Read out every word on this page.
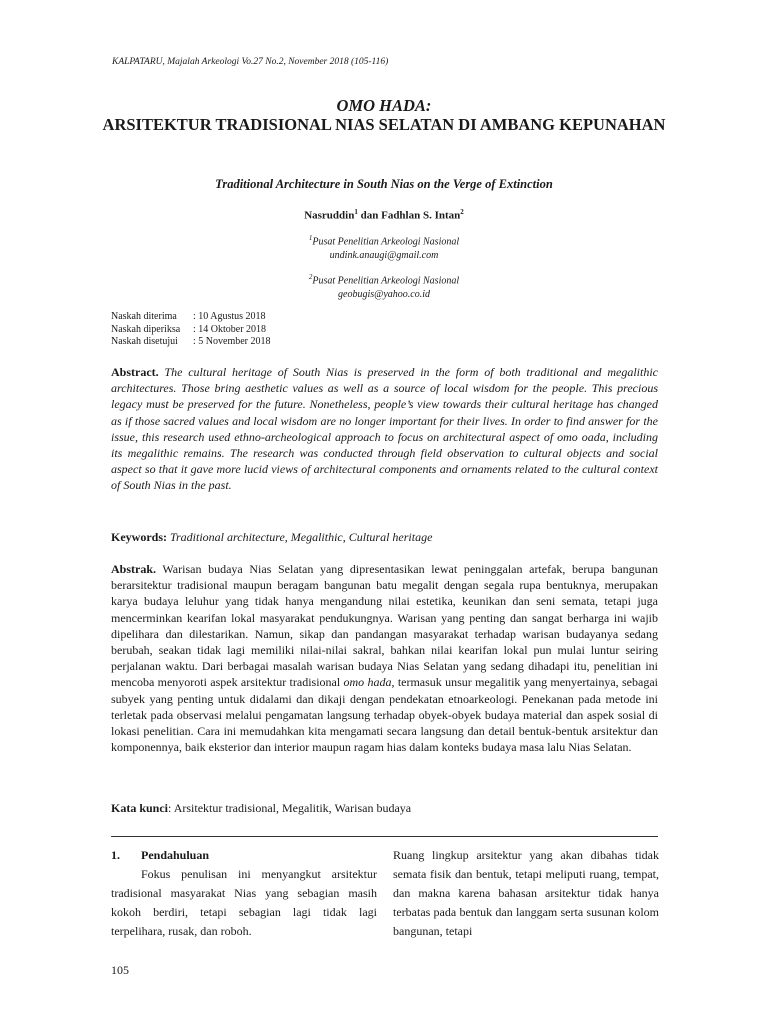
KALPATARU, Majalah Arkeologi Vo.27 No.2, November 2018 (105-116)

OMO HADA:

ARSITEKTUR TRADISIONAL NIAS SELATAN DI AMBANG KEPUNAHAN

Traditional Architecture in South Nias on the Verge of Extinction
Nasruddin$^1$ dan Fadhlan S. Intan$^2$
$^1$Pusat Penelitian Arkeologi Nasional
undink.anaugi@gmail.com
$^2$Pusat Penelitian Arkeologi Nasional
geobugis@yahoo.co.id
Naskah diterima	: 10 Agustus 2018
Naskah diperiksa	: 14 Oktober 2018
Naskah disetujui	: 5 November 2018

Abstract. The cultural heritage of South Nias is preserved in the form of both traditional and megalithic architectures. Those bring aesthetic values as well as a source of local wisdom for the people. This precious legacy must be preserved for the future. Nonetheless, people’s view towards their cultural heritage has changed as if those sacred values and local wisdom are no longer important for their lives. In order to find answer for the issue, this research used ethno-archeological approach to focus on architectural aspect of omo oada, including its megalithic remains. The research was conducted through field observation to cultural objects and social aspect so that it gave more lucid views of architectural components and ornaments related to the cultural context of South Nias in the past.

Keywords: Traditional architecture, Megalithic, Cultural heritage

Abstrak. Warisan budaya Nias Selatan yang dipresentasikan lewat peninggalan artefak, berupa bangunan berarsitektur tradisional maupun beragam bangunan batu megalit dengan segala rupa bentuknya, merupakan karya budaya leluhur yang tidak hanya mengandung nilai estetika, keunikan dan seni semata, tetapi juga mencerminkan kearifan lokal masyarakat pendukungnya. Warisan yang penting dan sangat berharga ini wajib dipelihara dan dilestarikan. Namun, sikap dan pandangan masyarakat terhadap warisan budayanya sedang berubah, seakan tidak lagi memiliki nilai-nilai sakral, bahkan nilai kearifan lokal pun mulai luntur seiring perjalanan waktu. Dari berbagai masalah warisan budaya Nias Selatan yang sedang dihadapi itu, penelitian ini mencoba menyoroti aspek arsitektur tradisional omo hada, termasuk unsur megalitik yang menyertainya, sebagai subyek yang penting untuk didalami dan dikaji dengan pendekatan etnoarkeologi. Penekanan pada metode ini terletak pada observasi melalui pengamatan langsung terhadap obyek-obyek budaya material dan aspek sosial di lokasi penelitian. Cara ini memudahkan kita mengamati secara langsung dan detail bentuk-bentuk arsitektur dan komponennya, baik eksterior dan interior maupun ragam hias dalam konteks budaya masa lalu Nias Selatan.

Kata kunci: Arsitektur tradisional, Megalitik, Warisan budaya

1. Pendahuluan

Fokus penulisan ini menyangkut arsitektur tradisional masyarakat Nias yang sebagian masih kokoh berdiri, tetapi sebagian lagi tidak lagi terpelihara, rusak, dan roboh.

Ruang lingkup arsitektur yang akan dibahas tidak semata fisik dan bentuk, tetapi meliputi ruang, tempat, dan makna karena bahasan arsitektur tidak hanya terbatas pada bentuk dan langgam serta susunan kolom bangunan, tetapi

105
